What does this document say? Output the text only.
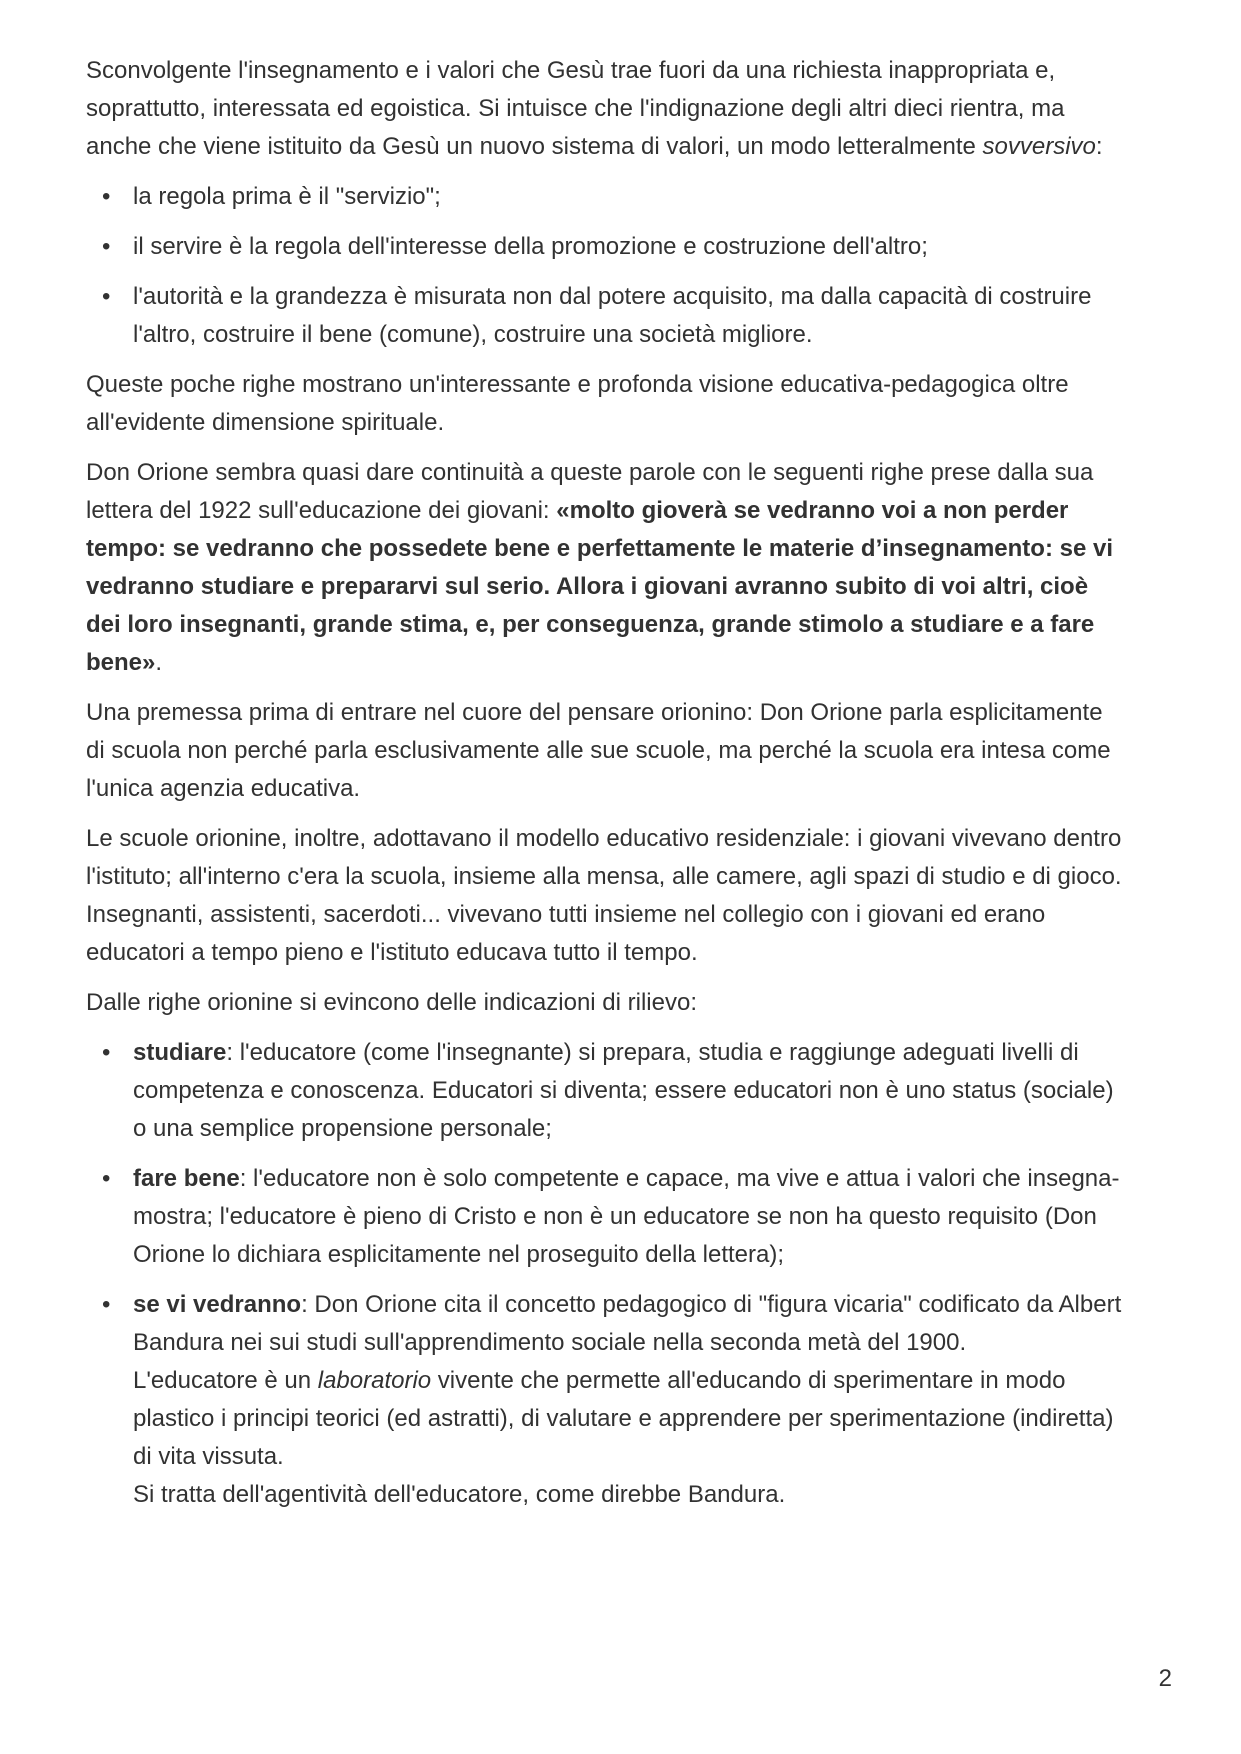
Sconvolgente l'insegnamento e i valori che Gesù trae fuori da una richiesta inappropriata e, soprattutto, interessata ed egoistica. Si intuisce che l'indignazione degli altri dieci rientra, ma anche che viene istituito da Gesù un nuovo sistema di valori, un modo letteralmente sovversivo:

• la regola prima è il "servizio";
• il servire è la regola dell'interesse della promozione e costruzione dell'altro;
• l'autorità e la grandezza è misurata non dal potere acquisito, ma dalla capacità di costruire l'altro, costruire il bene (comune), costruire una società migliore.

Queste poche righe mostrano un'interessante e profonda visione educativa-pedagogica oltre all'evidente dimensione spirituale.

Don Orione sembra quasi dare continuità a queste parole con le seguenti righe prese dalla sua lettera del 1922 sull'educazione dei giovani: «molto gioverà se vedranno voi a non perder tempo: se vedranno che possedete bene e perfettamente le materie d’insegnamento: se vi vedranno studiare e prepararvi sul serio. Allora i giovani avranno subito di voi altri, cioè dei loro insegnanti, grande stima, e, per conseguenza, grande stimolo a studiare e a fare bene».

Una premessa prima di entrare nel cuore del pensare orionino: Don Orione parla esplicitamente di scuola non perché parla esclusivamente alle sue scuole, ma perché la scuola era intesa come l'unica agenzia educativa.

Le scuole orionine, inoltre, adottavano il modello educativo residenziale: i giovani vivevano dentro l'istituto; all'interno c'era la scuola, insieme alla mensa, alle camere, agli spazi di studio e di gioco. Insegnanti, assistenti, sacerdoti... vivevano tutti insieme nel collegio con i giovani ed erano educatori a tempo pieno e l'istituto educava tutto il tempo.

Dalle righe orionine si evincono delle indicazioni di rilievo:

• studiare: l'educatore (come l'insegnante) si prepara, studia e raggiunge adeguati livelli di competenza e conoscenza. Educatori si diventa; essere educatori non è uno status (sociale) o una semplice propensione personale;
• fare bene: l'educatore non è solo competente e capace, ma vive e attua i valori che insegna-mostra; l'educatore è pieno di Cristo e non è un educatore se non ha questo requisito (Don Orione lo dichiara esplicitamente nel proseguito della lettera);
• se vi vedranno: Don Orione cita il concetto pedagogico di "figura vicaria" codificato da Albert Bandura nei sui studi sull'apprendimento sociale nella seconda metà del 1900.
L'educatore è un laboratorio vivente che permette all'educando di sperimentare in modo plastico i principi teorici (ed astratti), di valutare e apprendere per sperimentazione (indiretta) di vita vissuta.
Si tratta dell'agentività dell'educatore, come direbbe Bandura.
2
